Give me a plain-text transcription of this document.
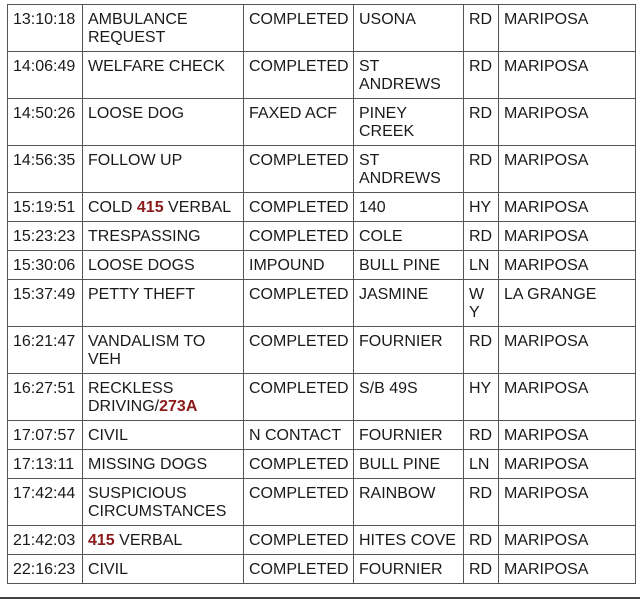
13:10:18	AMBULANCE REQUEST	COMPLETED	USONA	RD	MARIPOSA
14:06:49	WELFARE CHECK	COMPLETED	ST ANDREWS	RD	MARIPOSA
14:50:26	LOOSE DOG	FAXED ACF	PINEY CREEK	RD	MARIPOSA
14:56:35	FOLLOW UP	COMPLETED	ST ANDREWS	RD	MARIPOSA
15:19:51	COLD 415 VERBAL	COMPLETED	140	HY	MARIPOSA
15:23:23	TRESPASSING	COMPLETED	COLE	RD	MARIPOSA
15:30:06	LOOSE DOGS	IMPOUND	BULL PINE	LN	MARIPOSA
15:37:49	PETTY THEFT	COMPLETED	JASMINE	WY	LA GRANGE
16:21:47	VANDALISM TO VEH	COMPLETED	FOURNIER	RD	MARIPOSA
16:27:51	RECKLESS DRIVING/273A	COMPLETED	S/B 49S	HY	MARIPOSA
17:07:57	CIVIL	N CONTACT	FOURNIER	RD	MARIPOSA
17:13:11	MISSING DOGS	COMPLETED	BULL PINE	LN	MARIPOSA
17:42:44	SUSPICIOUS CIRCUMSTANCES	COMPLETED	RAINBOW	RD	MARIPOSA
21:42:03	415 VERBAL	COMPLETED	HITES COVE	RD	MARIPOSA
22:16:23	CIVIL	COMPLETED	FOURNIER	RD	MARIPOSA
